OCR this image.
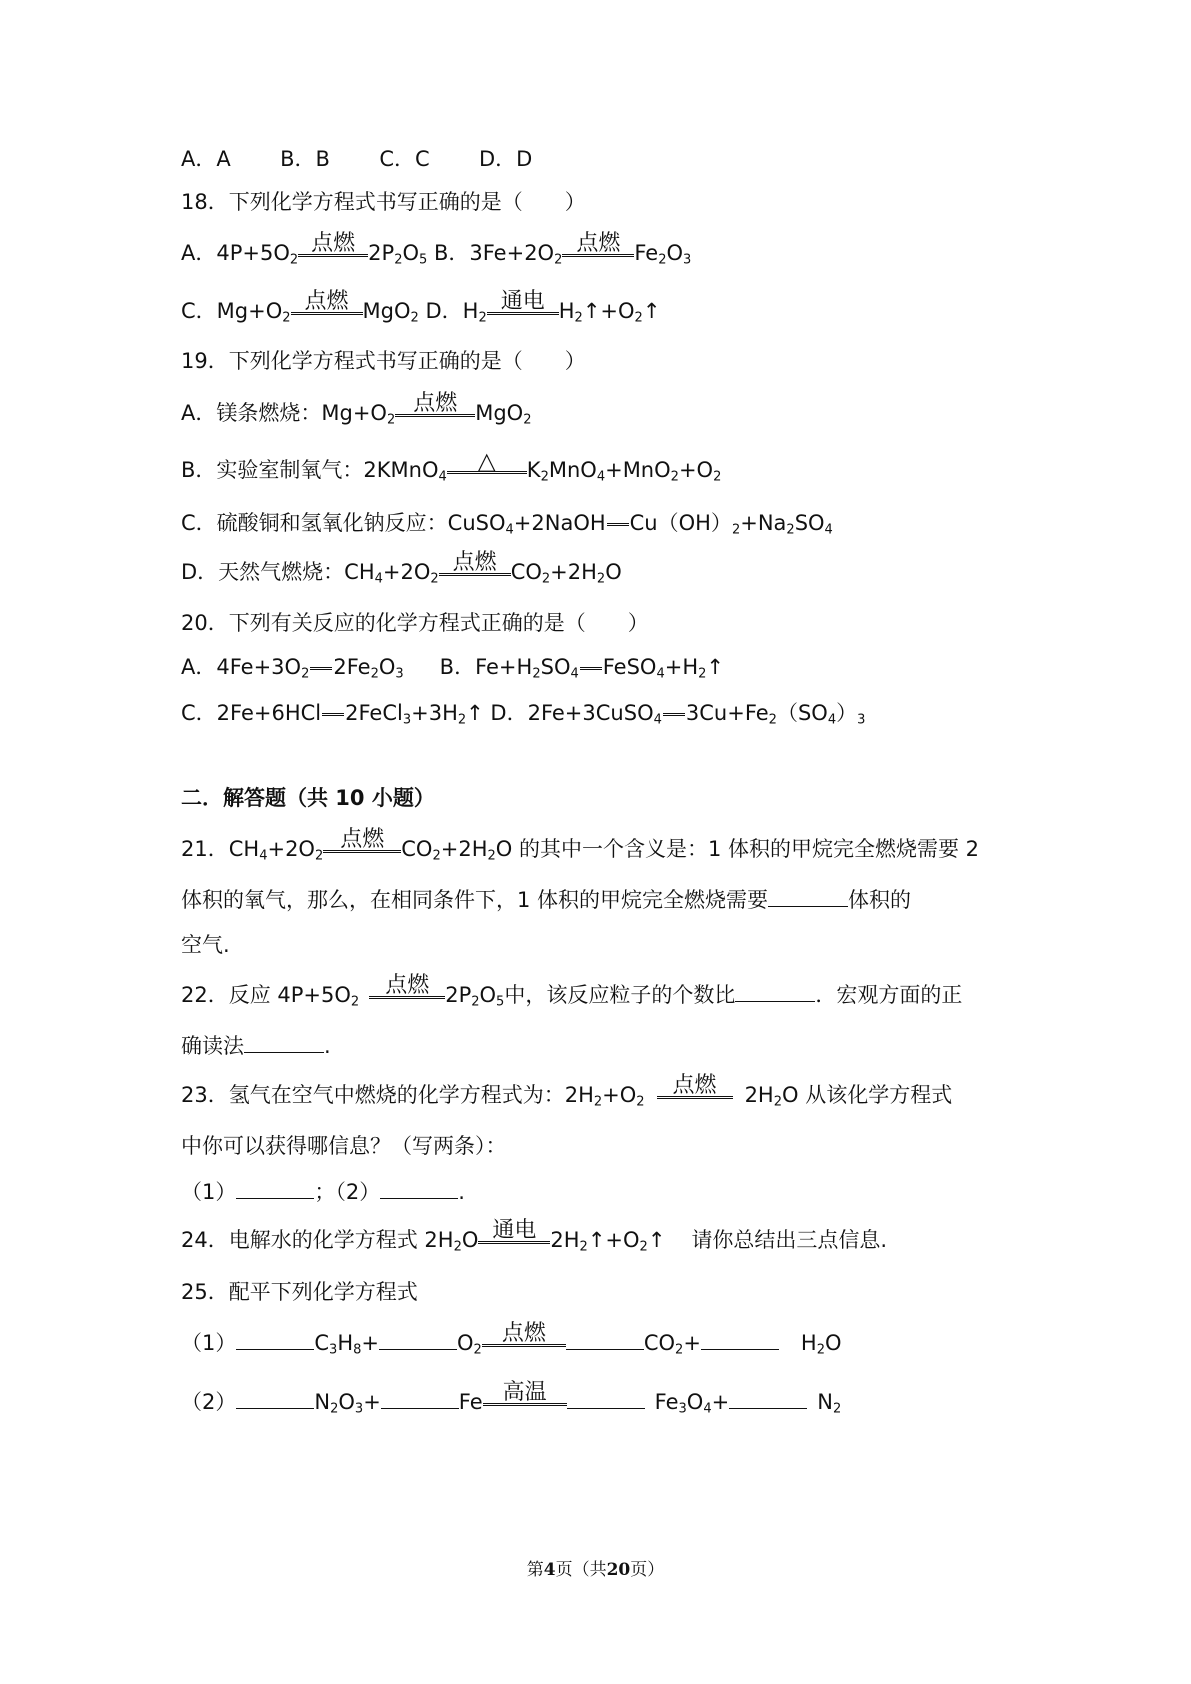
A．A B．B C．C D．D
18．下列化学方程式书写正确的是（　　）
A．$4P+5O_2$
点燃 $2P_2O_5$ B．$3Fe+2O_2$
点燃 $Fe_2O_3$
C．$Mg+O_2$
点燃 MgO$_2$ D．$H_2$
通电 $H_2↑+O_2↑$
19．下列化学方程式书写正确的是（　　）
A．镁条燃烧：$Mg+O_2$
点燃 MgO$_2$
B．实验室制氧气：2KMnO$_4$
△	$K_2MnO_4+MnO_2+O_2$
C．硫酸铜和氢氧化钠反应：CuSO$_4$+2NaOH $Cu(OH)_2+Na_2SO_4$
D．天然气燃烧：$CH_4+2O_2$
点燃 $CO_2+2H_2O$
20．下列有关反应的化学方程式正确的是（　　）
A．$4Fe+3O_2$ $2Fe_2O_3$ B．$Fe+H_2SO_4$ $FeSO_4+H_2↑$
C．2Fe+6HCl $2FeCl_3+3H_2↑$ D．2Fe+3CuSO$_4$ $3Cu+Fe_2(SO_4)_3$
二．解答题（共 10 小题）
21．$CH_4+2O_2$
点燃 $CO_2+2H_2O$ 的其中一个含义是：1 体积的甲烷完全燃烧需要 2
体积的氧气，那么，在相同条件下，1 体积的甲烷完全燃烧需要	体积的
空气.
22．反应 $4P+5O_2$
点燃 $2P_2O_5$中，该反应粒子的个数比	．宏观方面的正
确读法	.
23．氢气在空气中燃烧的化学方程式为：$2H_2+O_2$
点燃	$2H_2O$ 从该化学方程式
中你可以获得哪信息？（写两条）：
（1）	；（2）	.
24．电解水的化学方程式 $2H_2O$ 通电 $2H_2↑+O_2↑$ 请你总结出三点信息.
25．配平下列化学方程式
（1）	$C_3H_8+$	$O_2$
点燃	$CO_2+$	$H_2O$
（2）	$N_2O_3+$	Fe 高温	$Fe_3O_4+$	$N_2$
第4页（共20页）
